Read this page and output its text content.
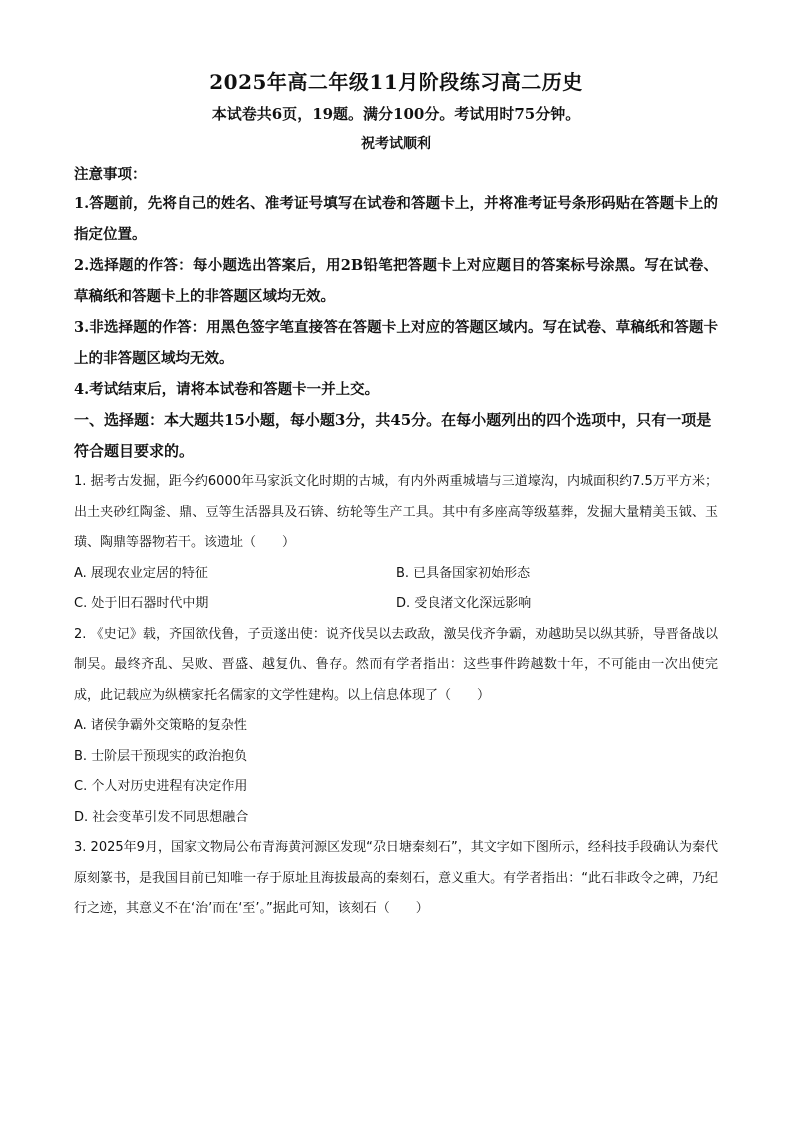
2025年高二年级11月阶段练习高二历史

本试卷共6页，19题。满分100分。考试用时75分钟。

祝考试顺利

注意事项：

1.答题前，先将自己的姓名、准考证号填写在试卷和答题卡上，并将准考证号条形码贴在答题卡上的指定位置。

2.选择题的作答：每小题选出答案后，用2B铅笔把答题卡上对应题目的答案标号涂黑。写在试卷、草稿纸和答题卡上的非答题区域均无效。

3.非选择题的作答：用黑色签字笔直接答在答题卡上对应的答题区域内。写在试卷、草稿纸和答题卡上的非答题区域均无效。

4.考试结束后，请将本试卷和答题卡一并上交。

一、选择题：本大题共15小题，每小题3分，共45分。在每小题列出的四个选项中，只有一项是符合题目要求的。

1. 据考古发掘，距今约6000年马家浜文化时期的古城，有内外两重城墙与三道壕沟，内城面积约7.5万平方米；出土夹砂红陶釜、鼎、豆等生活器具及石锛、纺轮等生产工具。其中有多座高等级墓葬，发掘大量精美玉钺、玉璜、陶鼎等器物若干。该遗址（　　）

A. 展现农业定居的特征	B. 已具备国家初始形态
C. 处于旧石器时代中期	D. 受良渚文化深远影响

2. 《史记》载，齐国欲伐鲁，子贡遂出使：说齐伐吴以去政敌，激吴伐齐争霸，劝越助吴以纵其骄，导晋备战以制吴。最终齐乱、吴败、晋盛、越复仇、鲁存。然而有学者指出：这些事件跨越数十年，不可能由一次出使完成，此记载应为纵横家托名儒家的文学性建构。以上信息体现了（　　）

A. 诸侯争霸外交策略的复杂性

B. 士阶层干预现实的政治抱负

C. 个人对历史进程有决定作用

D. 社会变革引发不同思想融合

3. 2025年9月，国家文物局公布青海黄河源区发现“尕日塘秦刻石”，其文字如下图所示，经科技手段确认为秦代原刻篆书，是我国目前已知唯一存于原址且海拔最高的秦刻石，意义重大。有学者指出：“此石非政令之碑，乃纪行之迹，其意义不在‘治’而在‘至’。”据此可知，该刻石（　　）
